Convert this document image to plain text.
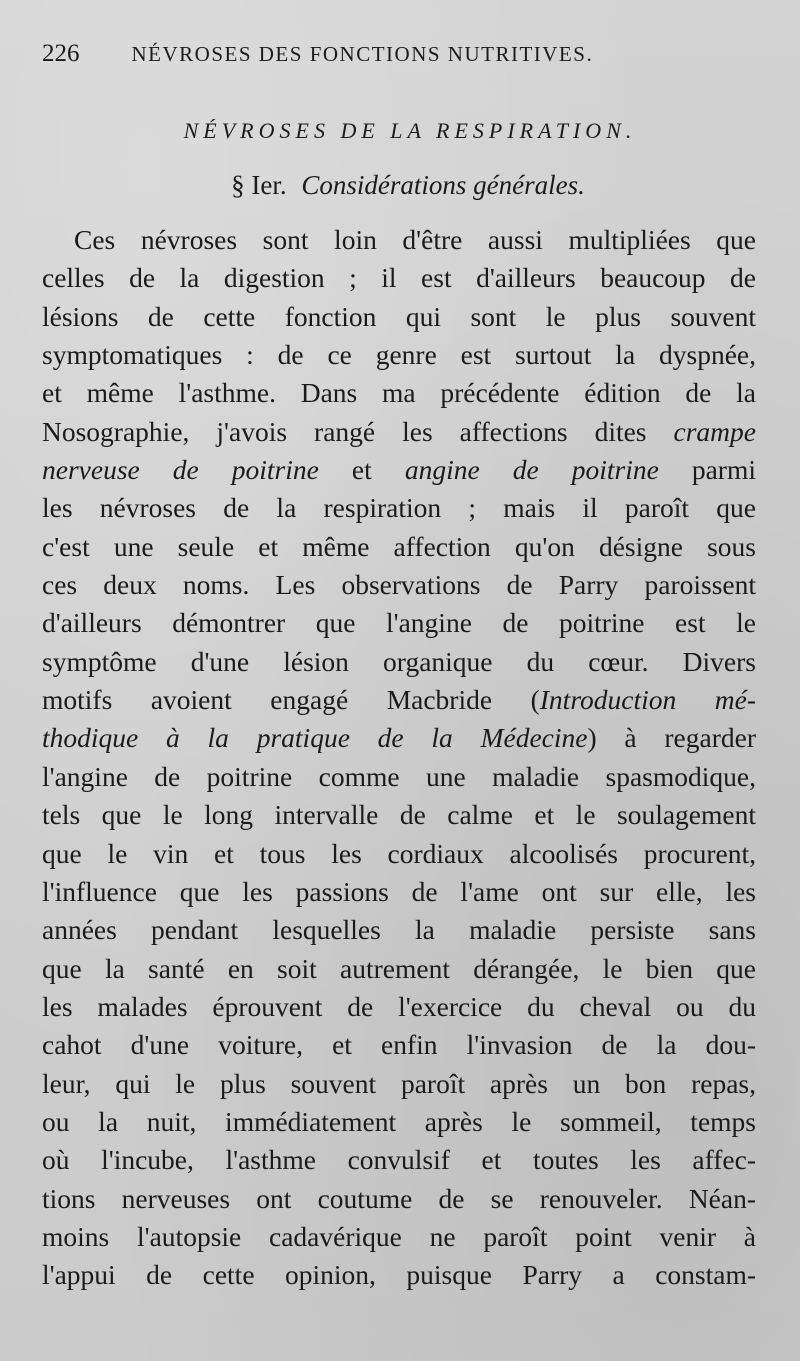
226 NÉVROSES DES FONCTIONS NUTRITIVES.
NÉVROSES DE LA RESPIRATION.
§ Ier. Considérations générales.
Ces névroses sont loin d'être aussi multipliées que
celles de la digestion ; il est d'ailleurs beaucoup de
lésions de cette fonction qui sont le plus souvent
symptomatiques : de ce genre est surtout la dyspnée,
et même l'asthme. Dans ma précédente édition de la
Nosographie, j'avois rangé les affections dites crampe
nerveuse de poitrine et angine de poitrine parmi
les névroses de la respiration ; mais il paroît que
c'est une seule et même affection qu'on désigne sous
ces deux noms. Les observations de Parry paroissent
d'ailleurs démontrer que l'angine de poitrine est le
symptôme d'une lésion organique du cœur. Divers
motifs avoient engagé Macbride (Introduction mé-
thodique à la pratique de la Médecine) à regarder
l'angine de poitrine comme une maladie spasmodique,
tels que le long intervalle de calme et le soulagement
que le vin et tous les cordiaux alcoolisés procurent,
l'influence que les passions de l'ame ont sur elle, les
années pendant lesquelles la maladie persiste sans
que la santé en soit autrement dérangée, le bien que
les malades éprouvent de l'exercice du cheval ou du
cahot d'une voiture, et enfin l'invasion de la dou-
leur, qui le plus souvent paroît après un bon repas,
ou la nuit, immédiatement après le sommeil, temps
où l'incube, l'asthme convulsif et toutes les affec-
tions nerveuses ont coutume de se renouveler. Néan-
moins l'autopsie cadavérique ne paroît point venir à
l'appui de cette opinion, puisque Parry a constam-
